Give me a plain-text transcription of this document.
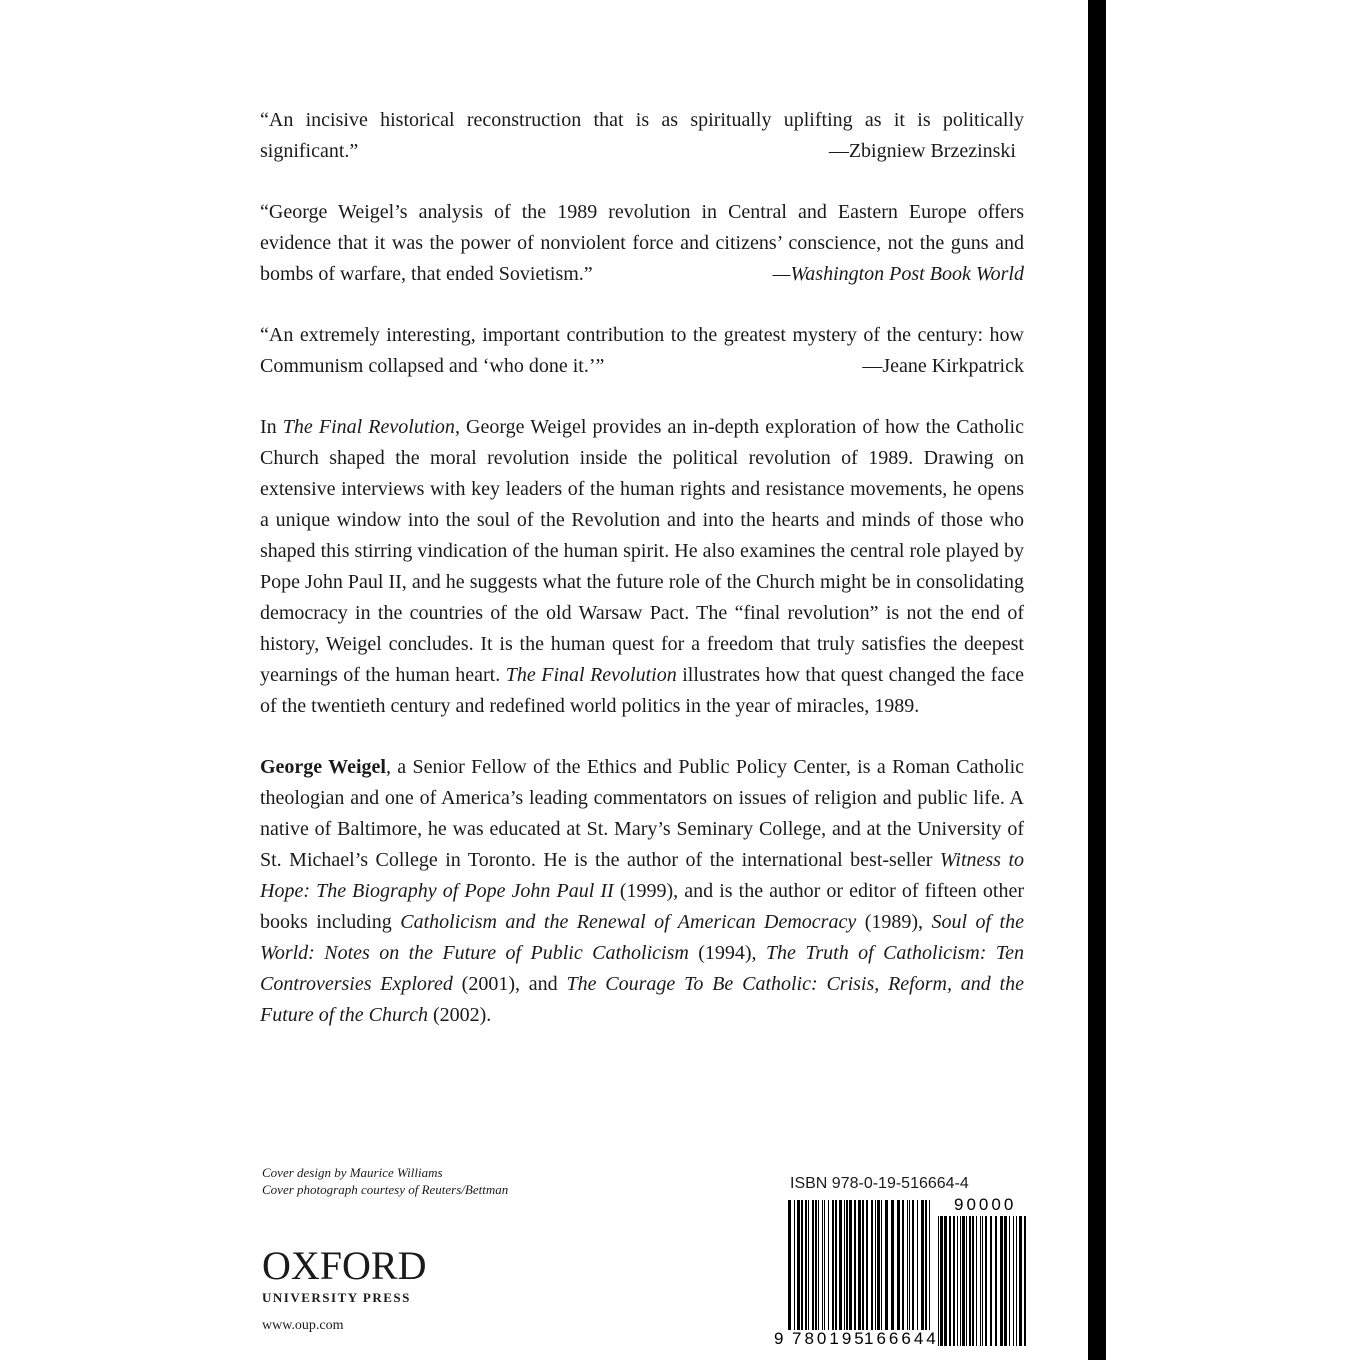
“An incisive historical reconstruction that is as spiritually uplifting as it is politically
significant.”	—Zbigniew Brzezinski
“George Weigel’s analysis of the 1989 revolution in Central and Eastern Europe offers evidence that it was the power of nonviolent force and citizens’ conscience, not the guns and
bombs of warfare, that ended Sovietism.”	—Washington Post Book World
“An extremely interesting, important contribution to the greatest mystery of the century: how
Communism collapsed and ‘who done it.’”	—Jeane Kirkpatrick

In The Final Revolution, George Weigel provides an in-depth exploration of how the Catholic Church shaped the moral revolution inside the political revolution of 1989. Drawing on extensive interviews with key leaders of the human rights and resistance movements, he opens a unique window into the soul of the Revolution and into the hearts and minds of those who shaped this stirring vindication of the human spirit. He also examines the central role played by Pope John Paul II, and he suggests what the future role of the Church might be in consolidating democracy in the countries of the old Warsaw Pact. The “final revolution” is not the end of history, Weigel concludes. It is the human quest for a freedom that truly satisfies the deepest yearnings of the human heart. The Final Revolution illustrates how that quest changed the face of the twentieth century and redefined world politics in the year of miracles, 1989.

George Weigel, a Senior Fellow of the Ethics and Public Policy Center, is a Roman Catholic theologian and one of America’s leading commentators on issues of religion and public life. A native of Baltimore, he was educated at St. Mary’s Seminary College, and at the University of St. Michael’s College in Toronto. He is the author of the international best-seller Witness to Hope: The Biography of Pope John Paul II (1999), and is the author or editor of fifteen other books including Catholicism and the Renewal of American Democracy (1989), Soul of the World: Notes on the Future of Public Catholicism (1994), The Truth of Catholicism: Ten Controversies Explored (2001), and The Courage To Be Catholic: Crisis, Reform, and the Future of the Church (2002).

Cover design by Maurice Williams
Cover photograph courtesy of Reuters/Bettman
OXFORD
UNIVERSITY PRESS
www.oup.com
ISBN 978-0-19-516664-4
9 780195
166644
90000
